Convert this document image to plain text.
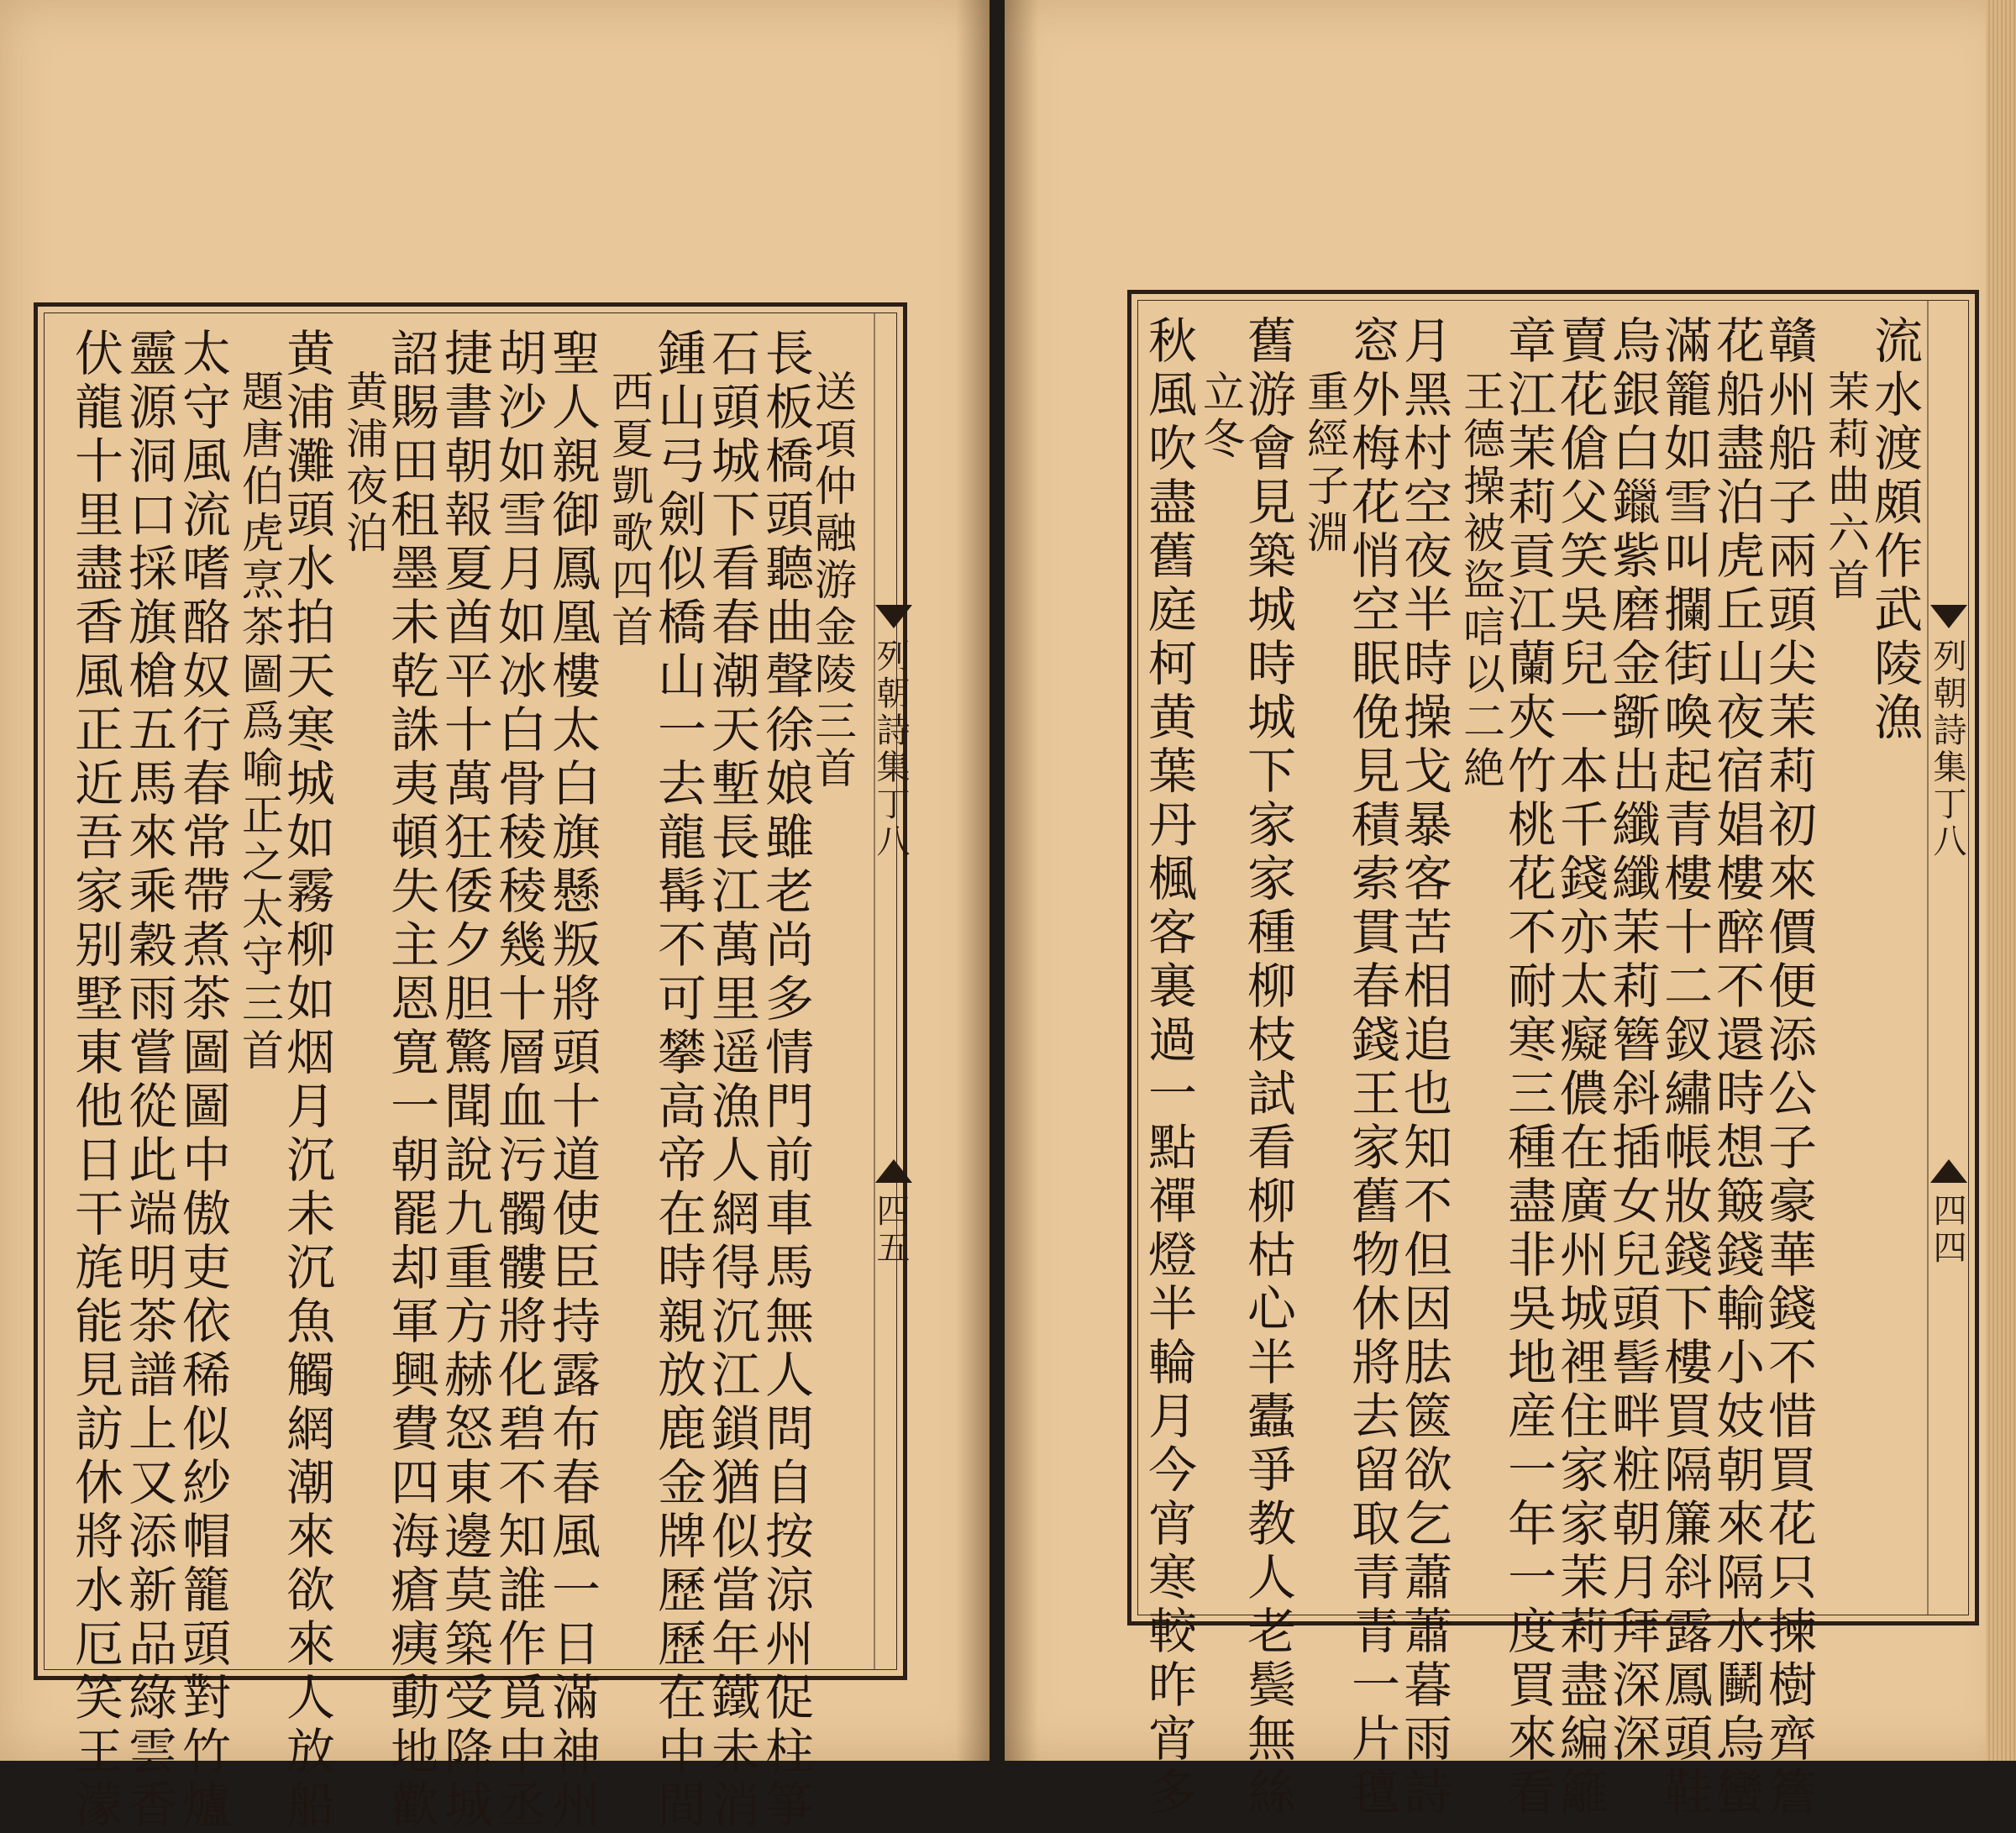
列朝詩集丁八
四五
送項仲融游金陵三首
長板橋頭聽曲聲徐娘雖老尚多情門前車馬無人問自按涼州促柱箏
石頭城下看春潮天塹長江萬里遥漁人網得沉江鎖猶似當年鐵未消
鍾山弓劍似橋山一去龍髯不可攀高帝在時親放鹿金牌歷歷在中間
西夏凱歌四首
聖人親御鳳凰樓太白旗懸叛將頭十道使臣持露布春風一日滿神州
胡沙如雪月如冰白骨稜稜幾十層血污髑髏將化碧不知誰作覓中丞
捷書朝報夏酋平十萬狂倭夕胆驚聞說九重方赫怒東邊莫築受降城
詔賜田租墨未乾誅夷頓失主恩寛一朝罷却軍興費四海瘡痍動地歡
黄浦夜泊
黄浦灘頭水拍天寒城如霧柳如烟月沉未沉魚觸網潮來欲來人放船
題唐伯虎烹茶圖爲喻正之太守三首
太守風流嗜酪奴行春常帶煮茶圖圖中傲吏依稀似紗帽籠頭對竹爐
靈源洞口採旗槍五馬來乘穀雨嘗從此端明茶譜上又添新品綠雲香
伏龍十里盡香風正近吾家别墅東他日干旄能見訪休將水厄笑王濛	列朝詩集丁八
四四
流水渡頗作武陵漁
茉莉曲六首
贛州船子兩頭尖茉莉初來價便添公子豪華錢不惜買花只揀樹齊簷
花船盡泊虎丘山夜宿娼樓醉不還時想簸錢輸小妓朝來隔水鬭烏蠻
滿籠如雪叫攔街喚起青樓十二釵繡帳妝錢下樓買隔簾斜露鳳頭鞋
烏銀白鑞紫磨金斵出纖纖茉莉簪斜插女兒頭髻畔粧朝月拜深深
賣花傖父笑吳兒一本千錢亦太癡儂在廣州城裡住家家茉莉盡編籬
章江茉莉貢江蘭夾竹桃花不耐寒三種盡非吳地産一年一度買來看
王德操被盜唁以二絶
月黑村空夜半時操戈暴客苦相追也知不但因胠篋欲乞蕭蕭暮雨詩
窓外梅花悄空眠俛見積索貫春錢王家舊物休將去留取青青一片氊
重經子淵
舊游會見築城時城下家家種柳枝試看柳枯心半蠹爭教人老鬓無絲
立冬
秋風吹盡舊庭柯黄葉丹楓客裏過一點禪燈半輪月今宵寒較昨宵多
